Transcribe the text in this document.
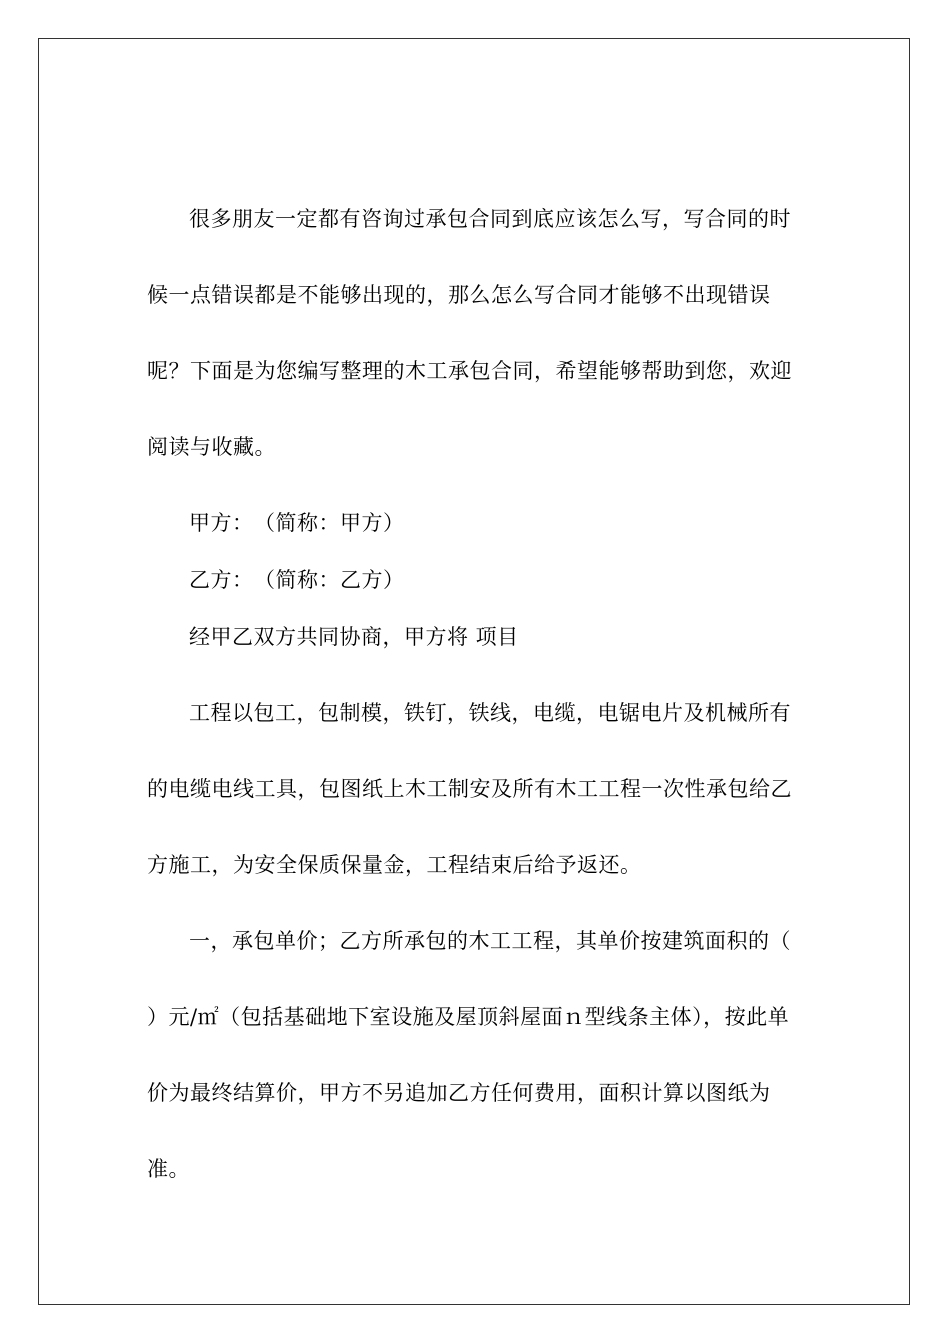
很多朋友一定都有咨询过承包合同到底应该怎么写，写合同的时候一点错误都是不能够出现的，那么怎么写合同才能够不出现错误呢？下面是为您编写整理的木工承包合同，希望能够帮助到您，欢迎阅读与收藏。

甲方：　（简称：甲方）

乙方：　（简称：乙方）

经甲乙双方共同协商，甲方将 项目

工程以包工，包制模，铁钉，铁线，电缆，电锯电片及机械所有的电缆电线工具，包图纸上木工制安及所有木工工程一次性承包给乙方施工，为安全保质保量金，工程结束后给予返还。

一，承包单价；乙方所承包的木工工程，其单价按建筑面积的（ ）元/㎡（包括基础地下室设施及屋顶斜屋面ｎ型线条主体），按此单价为最终结算价，甲方不另追加乙方任何费用，面积计算以图纸为准。
